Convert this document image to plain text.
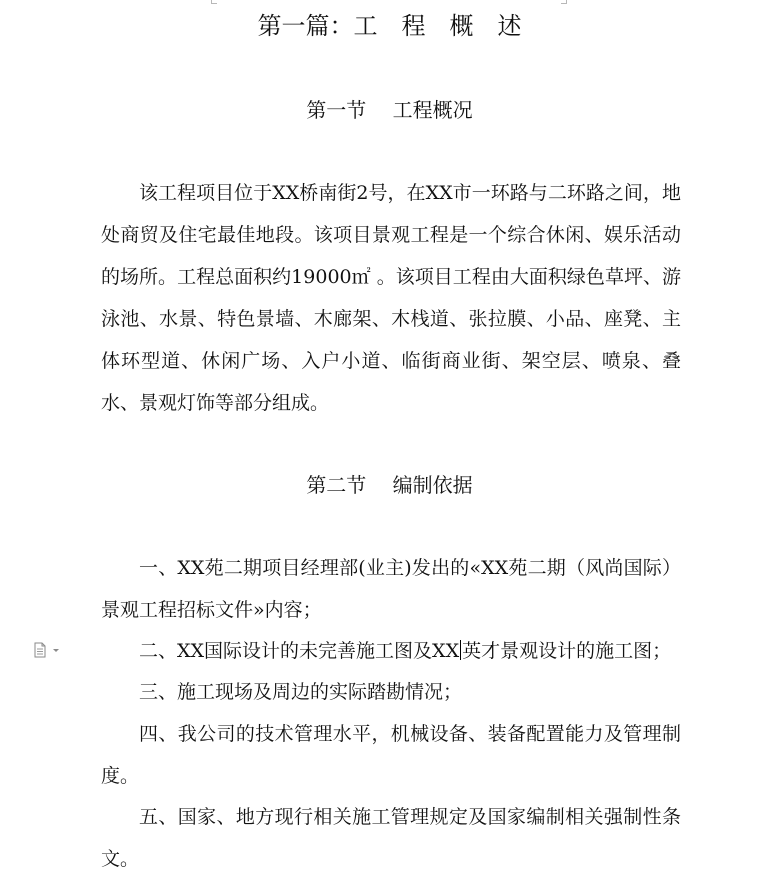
第一篇：工　程　概　述
第一节　 工程概况
该工程项目位于XX桥南街2号，在XX市一环路与二环路之间，地处商贸及住宅最佳地段。该项目景观工程是一个综合休闲、娱乐活动的场所。工程总面积约19000㎡ 。该项目工程由大面积绿色草坪、游泳池、水景、特色景墙、木廊架、木栈道、张拉膜、小品、座凳、主体环型道、休闲广场、入户小道、临街商业街、架空层、喷泉、叠水、景观灯饰等部分组成。
第二节　 编制依据
一、XX苑二期项目经理部(业主)发出的«XX苑二期（风尚国际）景观工程招标文件»内容；
二、XX国际设计的未完善施工图及XX 英才景观设计的施工图；
三、施工现场及周边的实际踏勘情况；
四、我公司的技术管理水平，机械设备、装备配置能力及管理制度。
五、国家、地方现行相关施工管理规定及国家编制相关强制性条文。
